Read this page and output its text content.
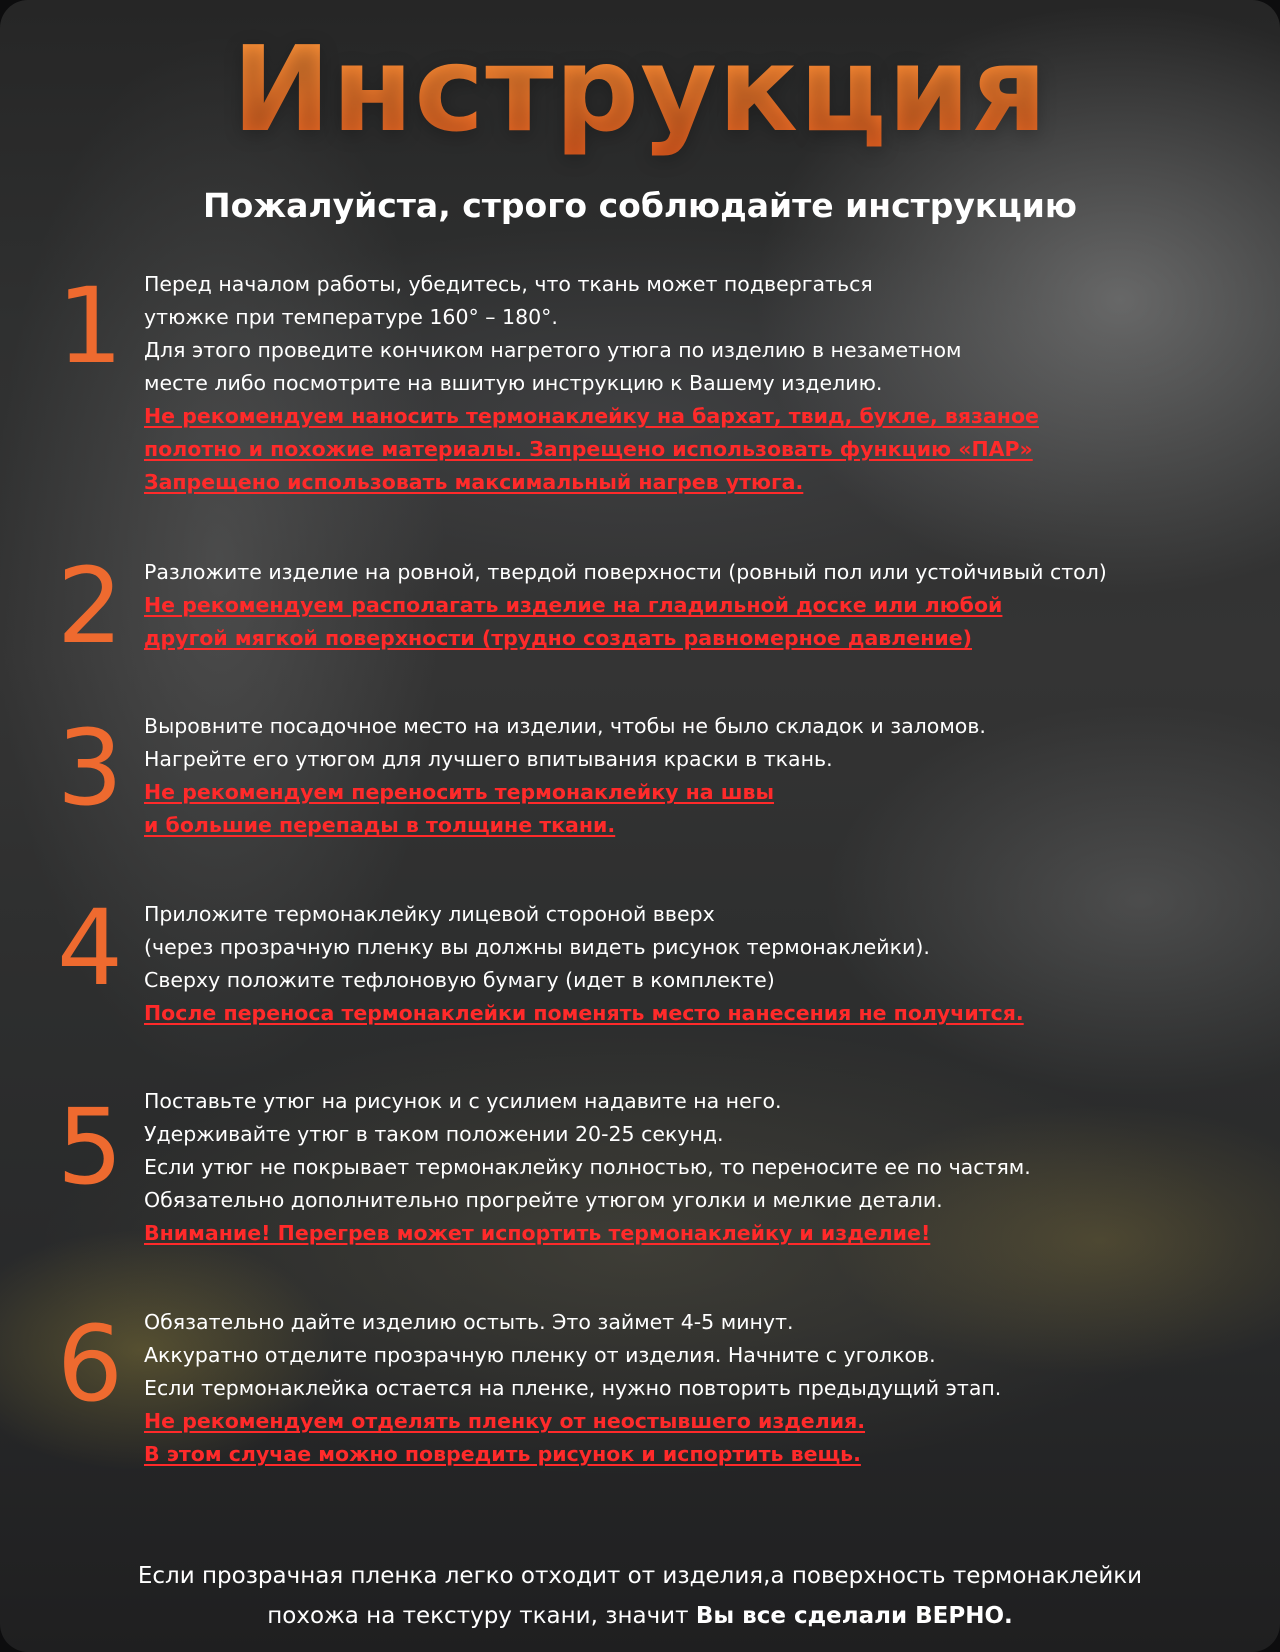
Инструкция
Пожалуйста, строго соблюдайте инструкцию
1	Перед началом работы, убедитесь, что ткань может подвергаться

утюжке при температуре 160° – 180°.

Для этого проведите кончиком нагретого утюга по изделию в незаметном

месте либо посмотрите на вшитую инструкцию к Вашему изделию.

Не рекомендуем наносить термонаклейку на бархат, твид, букле, вязаное

полотно и похожие материалы. Запрещено использовать функцию «ПАР»

Запрещено использовать максимальный нагрев утюга.

2	Разложите изделие на ровной, твердой поверхности (ровный пол или устойчивый стол)

Не рекомендуем располагать изделие на гладильной доске или любой

другой мягкой поверхности (трудно создать равномерное давление)

3	Выровните посадочное место на изделии, чтобы не было складок и заломов.

Нагрейте его утюгом для лучшего впитывания краски в ткань.

Не рекомендуем переносить термонаклейку на швы

и большие перепады в толщине ткани.

4	Приложите термонаклейку лицевой стороной вверх

(через прозрачную пленку вы должны видеть рисунок термонаклейки).

Сверху положите тефлоновую бумагу (идет в комплекте)

После переноса термонаклейки поменять место нанесения не получится.

5	Поставьте утюг на рисунок и с усилием надавите на него.

Удерживайте утюг в таком положении 20-25 секунд.

Если утюг не покрывает термонаклейку полностью, то переносите ее по частям.

Обязательно дополнительно прогрейте утюгом уголки и мелкие детали.

Внимание! Перегрев может испортить термонаклейку и изделие!

6	Обязательно дайте изделию остыть. Это займет 4-5 минут.

Аккуратно отделите прозрачную пленку от изделия. Начните с уголков.

Если термонаклейка остается на пленке, нужно повторить предыдущий этап.

Не рекомендуем отделять пленку от неостывшего изделия.

В этом случае можно повредить рисунок и испортить вещь.

Если прозрачная пленка легко отходит от изделия,а поверхность термонаклейки

похожа на текстуру ткани, значит Вы все сделали ВЕРНО.
